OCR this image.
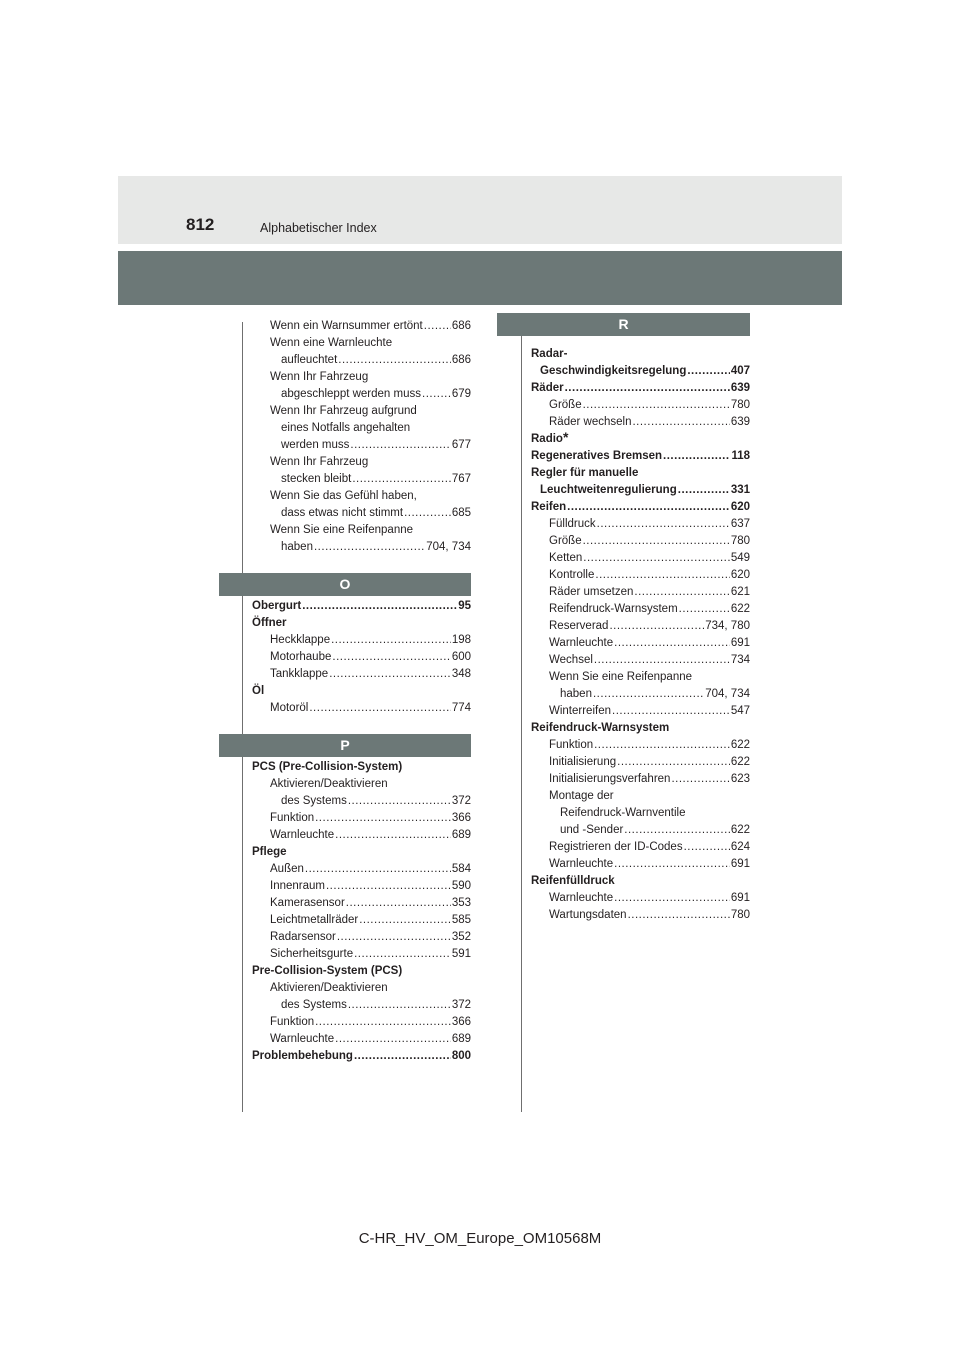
812	Alphabetischer Index
R
O
P
Wenn ein Warnsummer ertönt .....	686
Wenn eine Warnleuchte
aufleuchtet .....	686
Wenn Ihr Fahrzeug
abgeschleppt werden muss .....	679
Wenn Ihr Fahrzeug aufgrund
eines Notfalls angehalten
werden muss .....	677
Wenn Ihr Fahrzeug
stecken bleibt .....	767
Wenn Sie das Gefühl haben,
dass etwas nicht stimmt .....	685
Wenn Sie eine Reifenpanne
haben .....	704, 734
Obergurt .....	95
Öffner
Heckklappe .....	198
Motorhaube .....	600
Tankklappe .....	348
Öl
Motoröl .....	774
PCS (Pre-Collision-System)
Aktivieren/Deaktivieren
des Systems .....	372
Funktion .....	366
Warnleuchte .....	689
Pflege
Außen .....	584
Innenraum .....	590
Kamerasensor .....	353
Leichtmetallräder .....	585
Radarsensor .....	352
Sicherheitsgurte .....	591
Pre-Collision-System (PCS)
Aktivieren/Deaktivieren
des Systems .....	372
Funktion .....	366
Warnleuchte .....	689
Problembehebung .....	800
Radar-
Geschwindigkeitsregelung .....	407
Räder .....	639
Größe .....	780
Räder wechseln .....	639
Radio *
Regeneratives Bremsen .....	118
Regler für manuelle
Leuchtweitenregulierung .....	331
Reifen .....	620
Fülldruck .....	637
Größe .....	780
Ketten .....	549
Kontrolle .....	620
Räder umsetzen .....	621
Reifendruck-Warnsystem .....	622
Reserverad .....	734, 780
Warnleuchte .....	691
Wechsel .....	734
Wenn Sie eine Reifenpanne
haben .....	704, 734
Winterreifen .....	547
Reifendruck-Warnsystem
Funktion .....	622
Initialisierung .....	622
Initialisierungsverfahren .....	623
Montage der
Reifendruck-Warnventile
und -Sender .....	622
Registrieren der ID-Codes .....	624
Warnleuchte .....	691
Reifenfülldruck
Warnleuchte .....	691
Wartungsdaten .....	780
C-HR_HV_OM_Europe_OM10568M
